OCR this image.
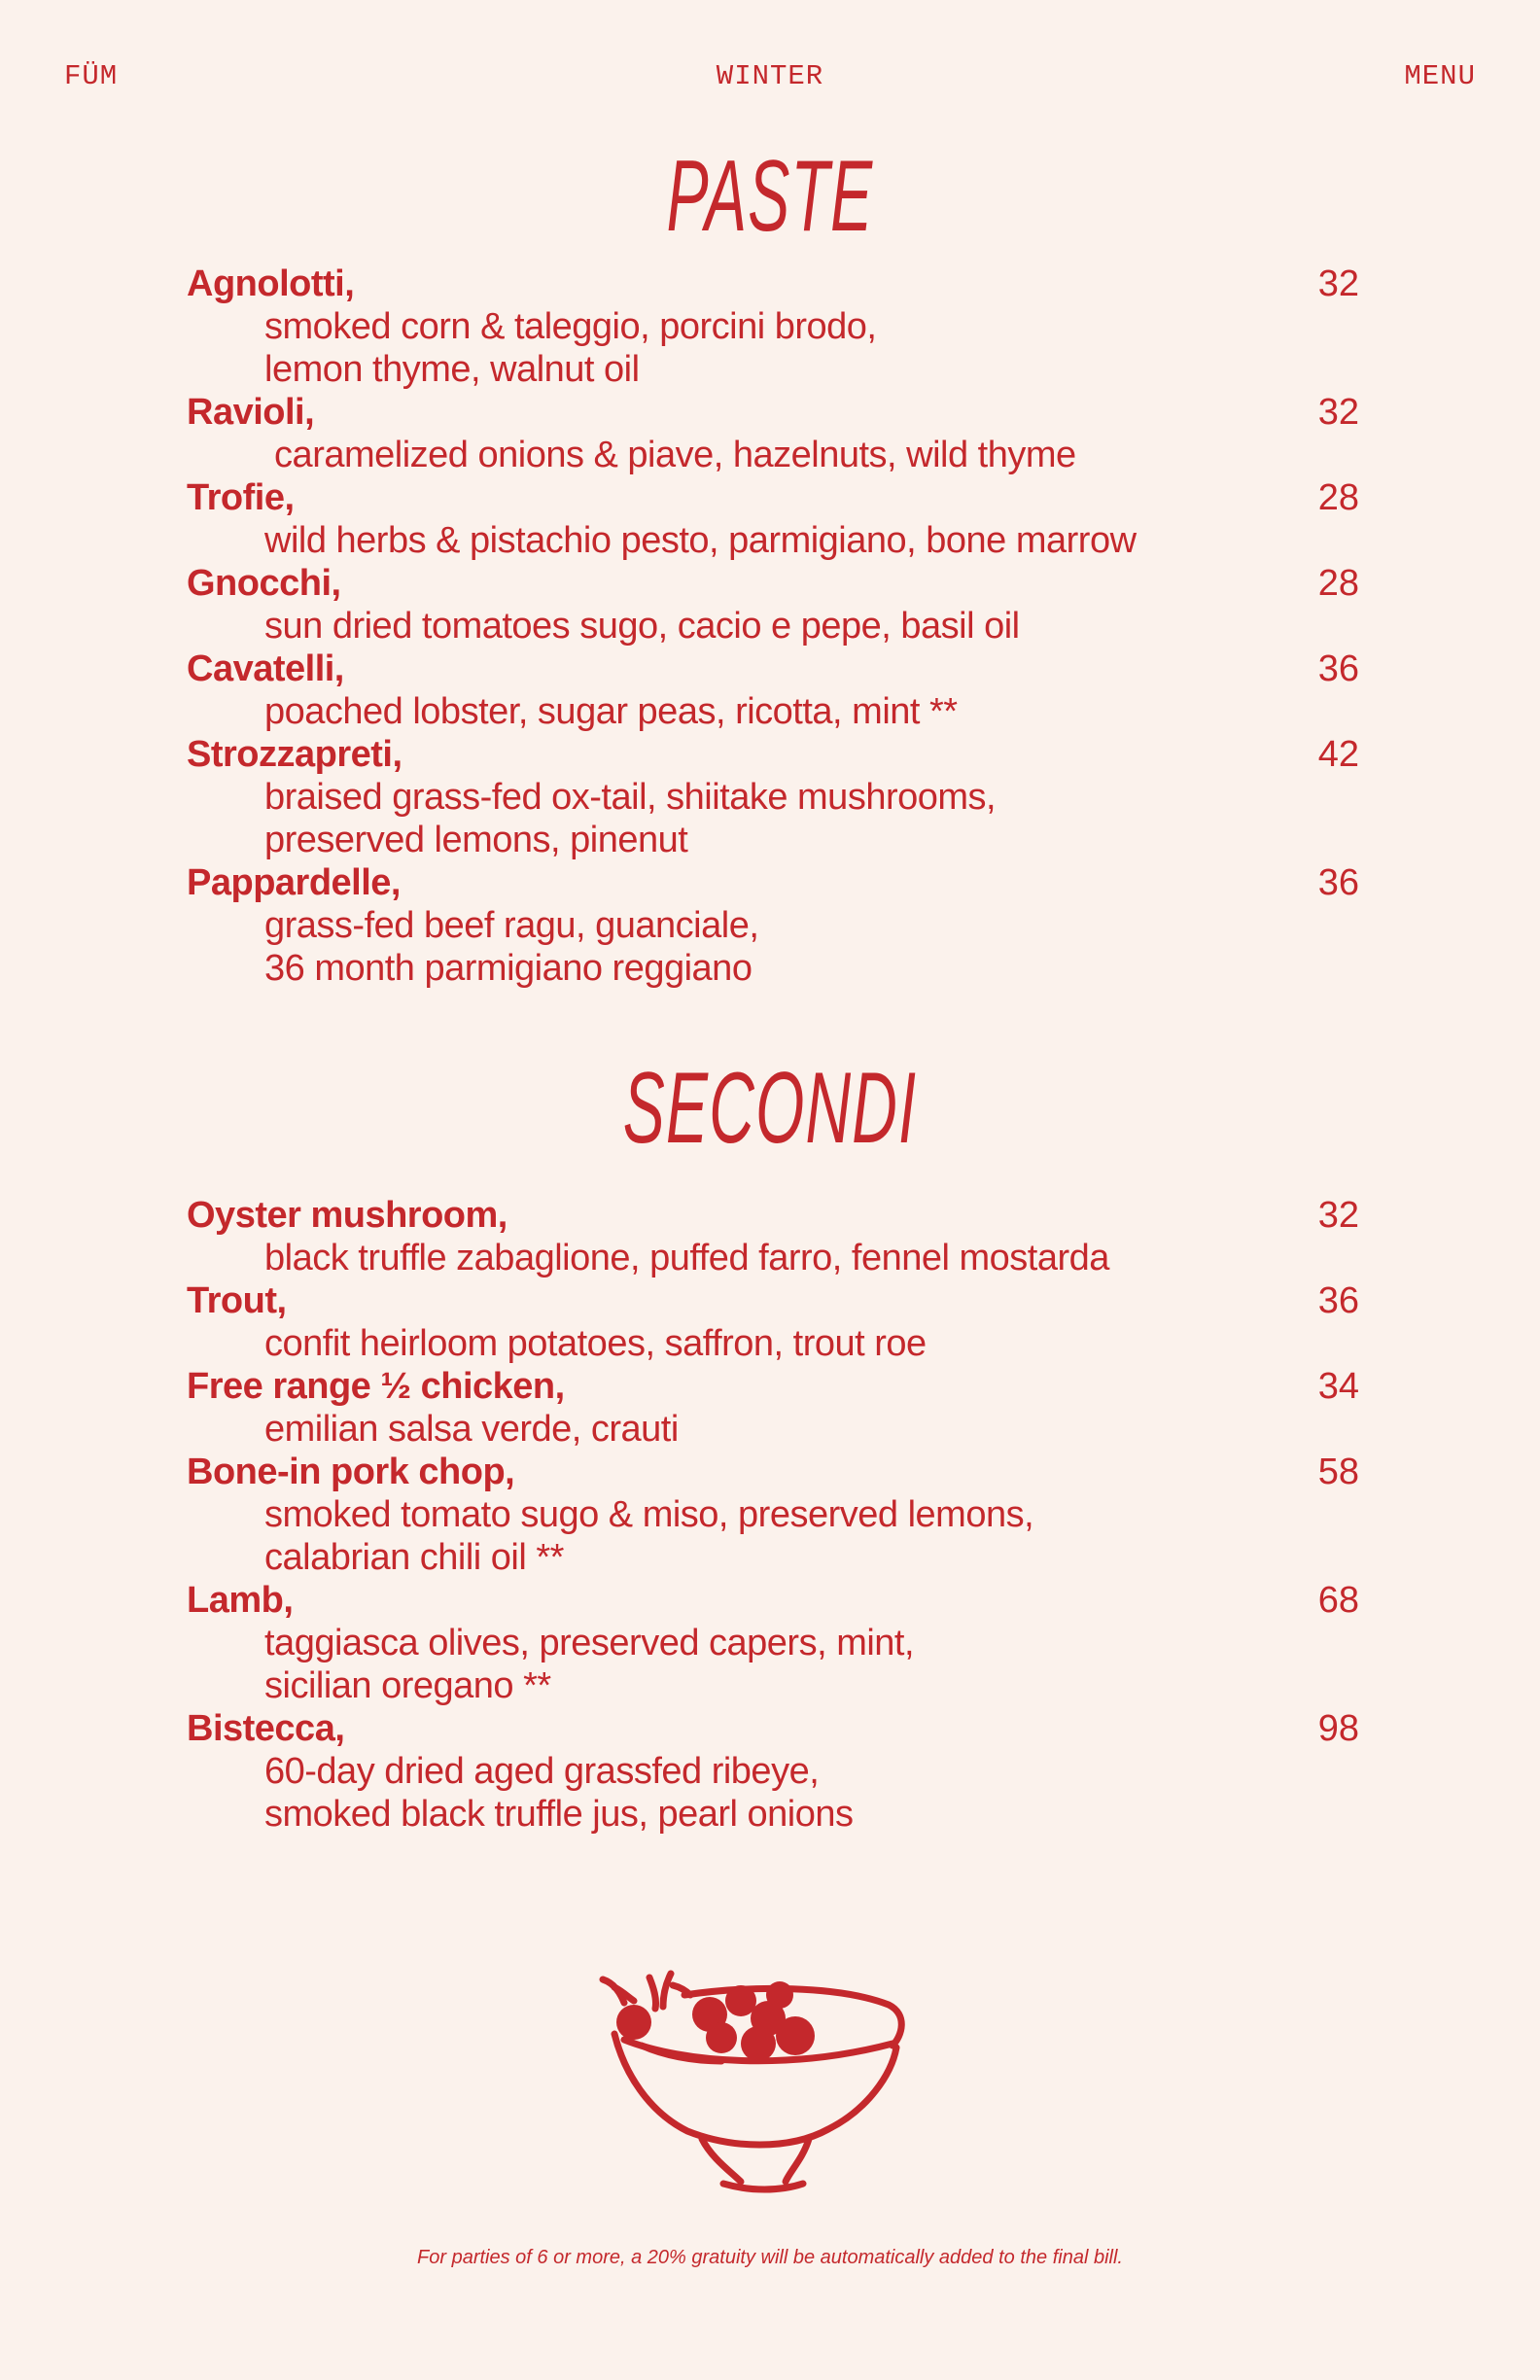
FÜM	WINTER	MENU
PASTE
Agnolotti,	32
smoked corn & taleggio, porcini brodo,
lemon thyme, walnut oil
Ravioli,	32
caramelized onions & piave, hazelnuts, wild thyme
Trofie,	28
wild herbs & pistachio pesto, parmigiano, bone marrow
Gnocchi,	28
sun dried tomatoes sugo, cacio e pepe, basil oil
Cavatelli,	36
poached lobster, sugar peas, ricotta, mint **
Strozzapreti,	42
braised grass-fed ox-tail, shiitake mushrooms,
preserved lemons, pinenut
Pappardelle,	36
grass-fed beef ragu, guanciale,
36 month parmigiano reggiano
SECONDI
Oyster mushroom,	32
black truffle zabaglione, puffed farro, fennel mostarda
Trout,	36
confit heirloom potatoes, saffron, trout roe
Free range ½ chicken,	34
emilian salsa verde, crauti
Bone-in pork chop,	58
smoked tomato sugo & miso, preserved lemons,
calabrian chili oil **
Lamb,	68
taggiasca olives, preserved capers, mint,
sicilian oregano **
Bistecca,	98
60-day dried aged grassfed ribeye,
smoked black truffle jus, pearl onions
For parties of 6 or more, a 20% gratuity will be automatically added to the final bill.
